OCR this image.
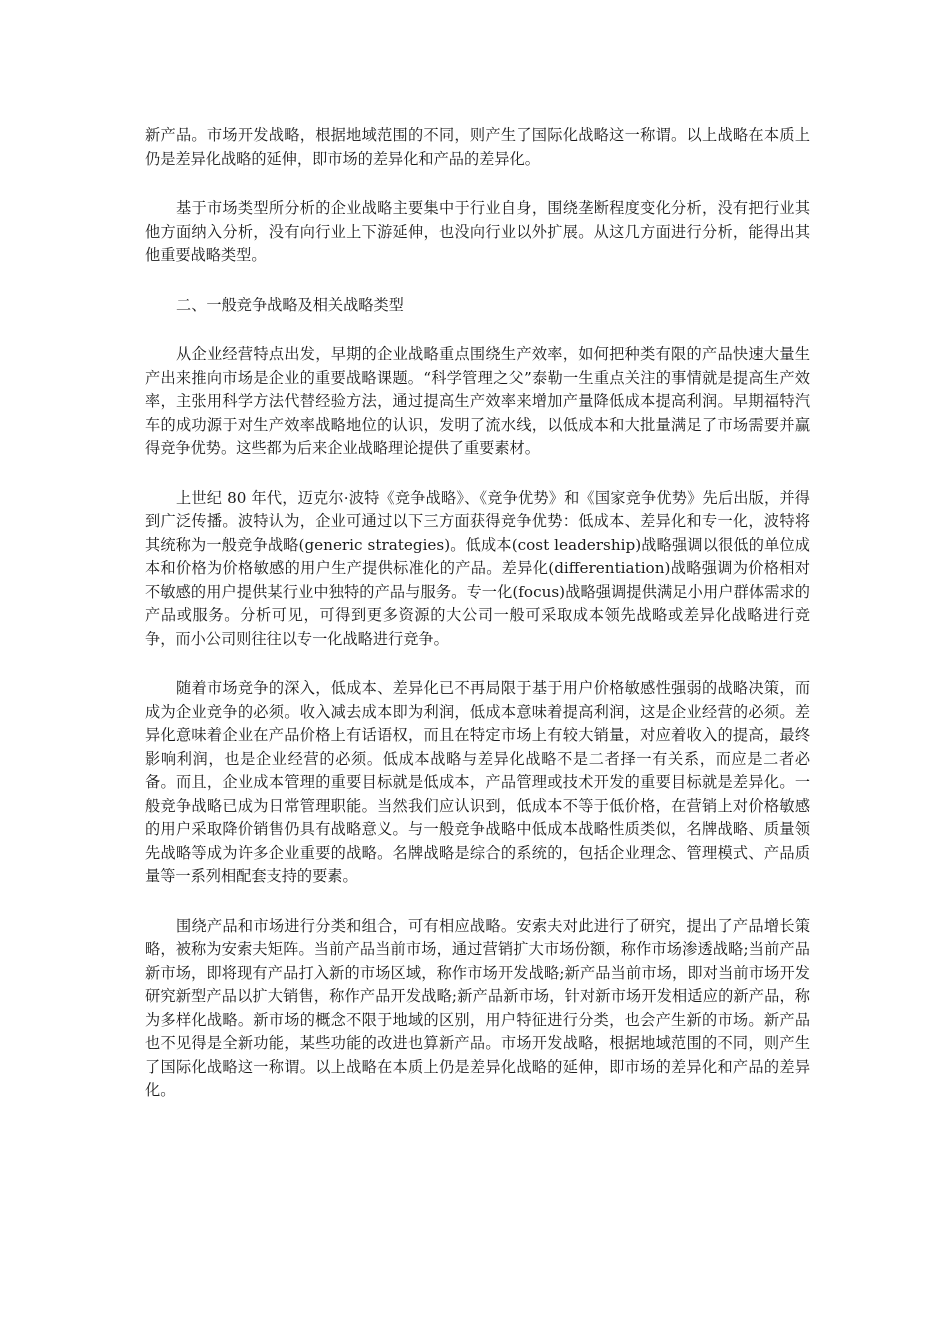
新产品。市场开发战略，根据地域范围的不同，则产生了国际化战略这一称谓。以上战略在本质上仍是差异化战略的延伸，即市场的差异化和产品的差异化。

基于市场类型所分析的企业战略主要集中于行业自身，围绕垄断程度变化分析，没有把行业其他方面纳入分析，没有向行业上下游延伸，也没向行业以外扩展。从这几方面进行分析，能得出其他重要战略类型。

二、一般竞争战略及相关战略类型

从企业经营特点出发，早期的企业战略重点围绕生产效率，如何把种类有限的产品快速大量生产出来推向市场是企业的重要战略课题。“科学管理之父”泰勒一生重点关注的事情就是提高生产效率，主张用科学方法代替经验方法，通过提高生产效率来增加产量降低成本提高利润。早期福特汽车的成功源于对生产效率战略地位的认识，发明了流水线，以低成本和大批量满足了市场需要并赢得竞争优势。这些都为后来企业战略理论提供了重要素材。

上世纪 80 年代，迈克尔·波特《竞争战略》、《竞争优势》和《国家竞争优势》先后出版，并得到广泛传播。波特认为，企业可通过以下三方面获得竞争优势：低成本、差异化和专一化，波特将其统称为一般竞争战略(generic strategies)。低成本(cost leadership)战略强调以很低的单位成本和价格为价格敏感的用户生产提供标准化的产品。差异化(differentiation)战略强调为价格相对不敏感的用户提供某行业中独特的产品与服务。专一化(focus)战略强调提供满足小用户群体需求的产品或服务。分析可见，可得到更多资源的大公司一般可采取成本领先战略或差异化战略进行竞争，而小公司则往往以专一化战略进行竞争。

随着市场竞争的深入，低成本、差异化已不再局限于基于用户价格敏感性强弱的战略决策，而成为企业竞争的必须。收入减去成本即为利润，低成本意味着提高利润，这是企业经营的必须。差异化意味着企业在产品价格上有话语权，而且在特定市场上有较大销量，对应着收入的提高，最终影响利润，也是企业经营的必须。低成本战略与差异化战略不是二者择一有关系，而应是二者必备。而且，企业成本管理的重要目标就是低成本，产品管理或技术开发的重要目标就是差异化。一般竞争战略已成为日常管理职能。当然我们应认识到，低成本不等于低价格，在营销上对价格敏感的用户采取降价销售仍具有战略意义。与一般竞争战略中低成本战略性质类似，名牌战略、质量领先战略等成为许多企业重要的战略。名牌战略是综合的系统的，包括企业理念、管理模式、产品质量等一系列相配套支持的要素。

围绕产品和市场进行分类和组合，可有相应战略。安索夫对此进行了研究，提出了产品增长策略，被称为安索夫矩阵。当前产品当前市场，通过营销扩大市场份额，称作市场渗透战略;当前产品新市场，即将现有产品打入新的市场区域，称作市场开发战略;新产品当前市场，即对当前市场开发研究新型产品以扩大销售，称作产品开发战略;新产品新市场，针对新市场开发相适应的新产品，称为多样化战略。新市场的概念不限于地域的区别，用户特征进行分类，也会产生新的市场。新产品也不见得是全新功能，某些功能的改进也算新产品。市场开发战略，根据地域范围的不同，则产生了国际化战略这一称谓。以上战略在本质上仍是差异化战略的延伸，即市场的差异化和产品的差异化。
